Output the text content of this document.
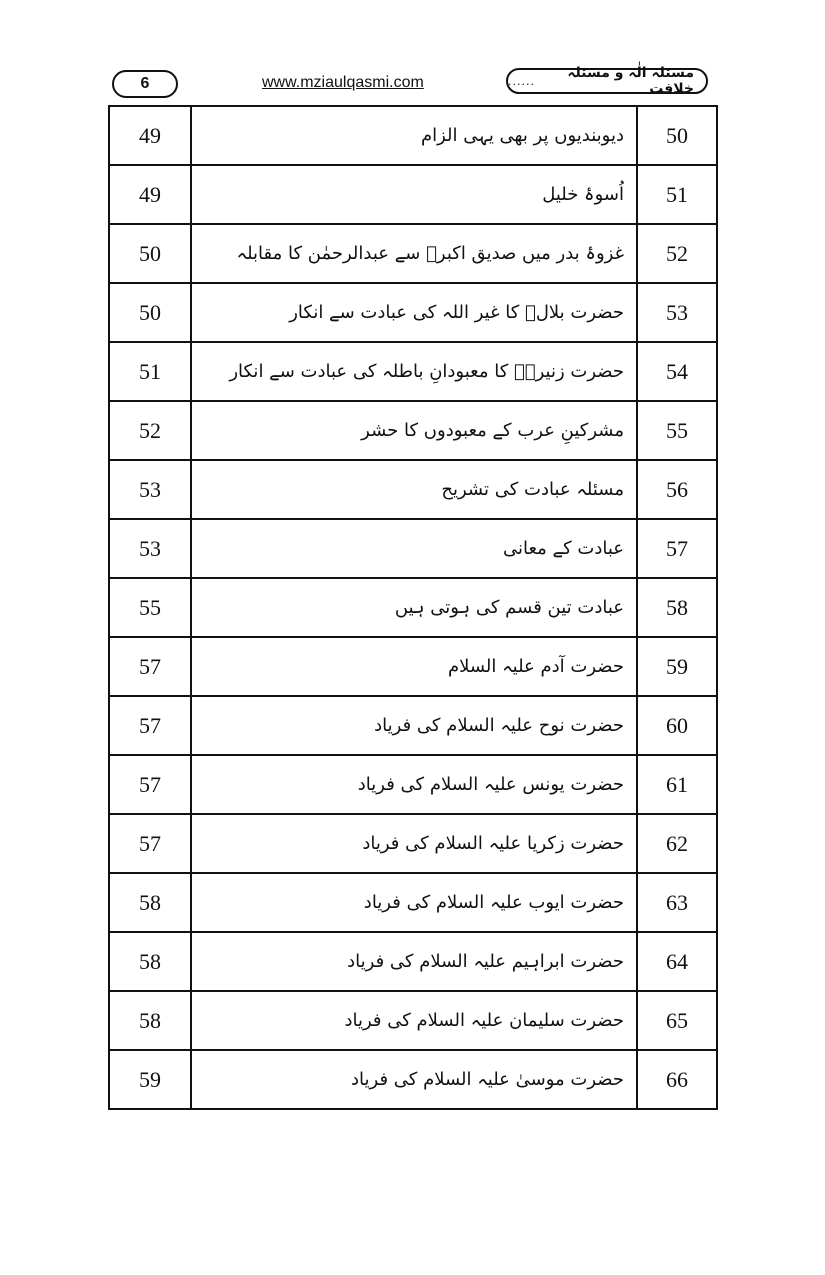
6	www.mziaulqasmi.com
مسئلہ الٰہ و مسئلہ خلافت
......
49	دیوبندیوں پر بھی یہی الزام	50
49	اُسوۂ خلیل	51
50	غزوۂ بدر میں صدیق اکبرؓ سے عبدالرحمٰن کا مقابلہ	52
50	حضرت بلالؓ کا غیر اللہ کی عبادت سے انکار	53
51	حضرت زنیرہؓ کا معبودانِ باطلہ کی عبادت سے انکار	54
52	مشرکینِ عرب کے معبودوں کا حشر	55
53	مسئلہ عبادت کی تشریح	56
53	عبادت کے معانی	57
55	عبادت تین قسم کی ہوتی ہیں	58
57	حضرت آدم علیہ السلام	59
57	حضرت نوح علیہ السلام کی فریاد	60
57	حضرت یونس علیہ السلام کی فریاد	61
57	حضرت زکریا علیہ السلام کی فریاد	62
58	حضرت ایوب علیہ السلام کی فریاد	63
58	حضرت ابراہیم علیہ السلام کی فریاد	64
58	حضرت سلیمان علیہ السلام کی فریاد	65
59	حضرت موسیٰ علیہ السلام کی فریاد	66
